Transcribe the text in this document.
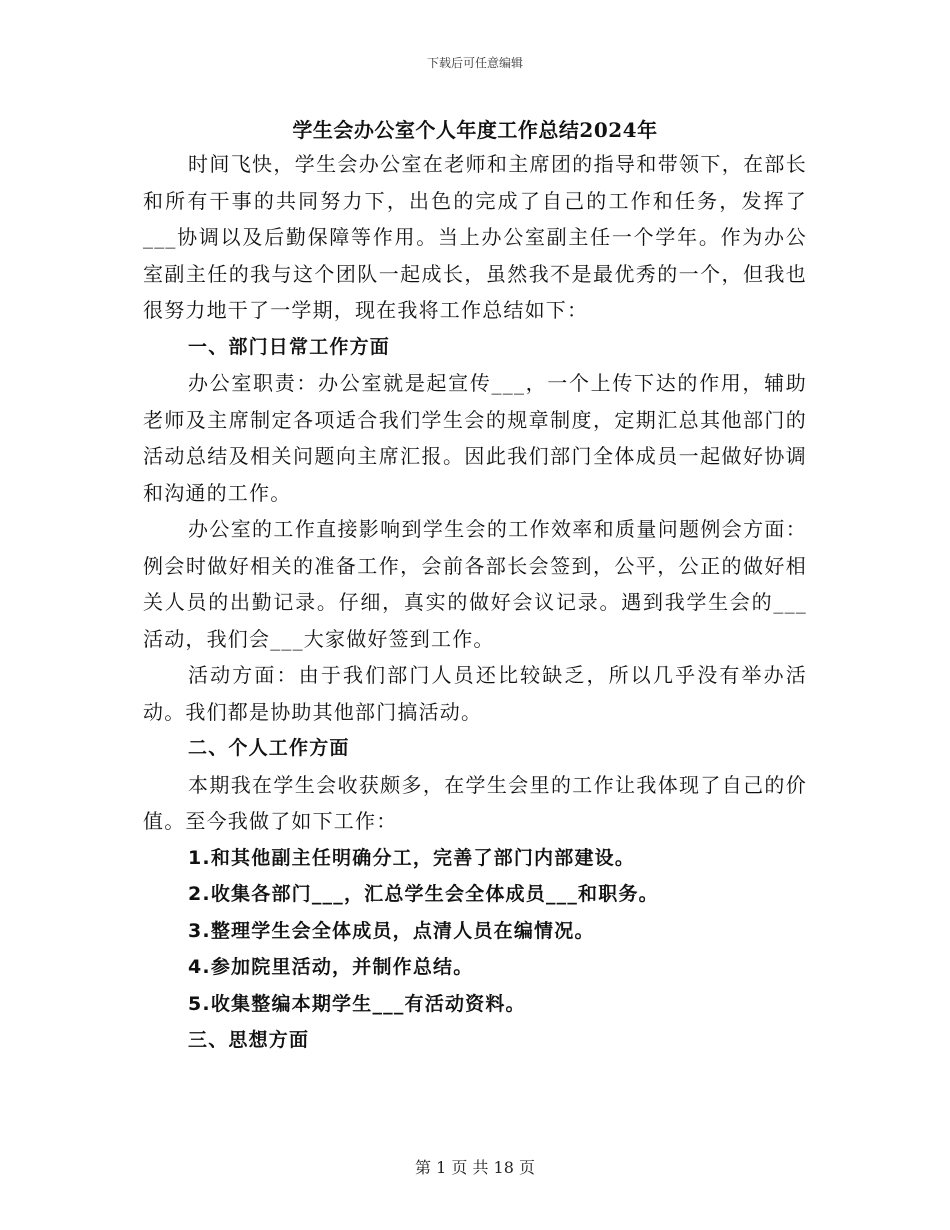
下载后可任意编辑
学生会办公室个人年度工作总结2024年

时间飞快，学生会办公室在老师和主席团的指导和带领下，在部长和所有干事的共同努力下，出色的完成了自己的工作和任务，发挥了___协调以及后勤保障等作用。当上办公室副主任一个学年。作为办公室副主任的我与这个团队一起成长，虽然我不是最优秀的一个，但我也很努力地干了一学期，现在我将工作总结如下：

一、部门日常工作方面

办公室职责：办公室就是起宣传___，一个上传下达的作用，辅助老师及主席制定各项适合我们学生会的规章制度，定期汇总其他部门的活动总结及相关问题向主席汇报。因此我们部门全体成员一起做好协调和沟通的工作。

办公室的工作直接影响到学生会的工作效率和质量问题例会方面：例会时做好相关的准备工作，会前各部长会签到，公平，公正的做好相关人员的出勤记录。仔细，真实的做好会议记录。遇到我学生会的___活动，我们会___大家做好签到工作。

活动方面：由于我们部门人员还比较缺乏，所以几乎没有举办活动。我们都是协助其他部门搞活动。

二、个人工作方面

本期我在学生会收获颇多，在学生会里的工作让我体现了自己的价值。至今我做了如下工作：

1.和其他副主任明确分工，完善了部门内部建设。

2.收集各部门___，汇总学生会全体成员___和职务。

3.整理学生会全体成员，点清人员在编情况。

4.参加院里活动，并制作总结。

5.收集整编本期学生___有活动资料。

三、思想方面

第 1 页 共 18 页
